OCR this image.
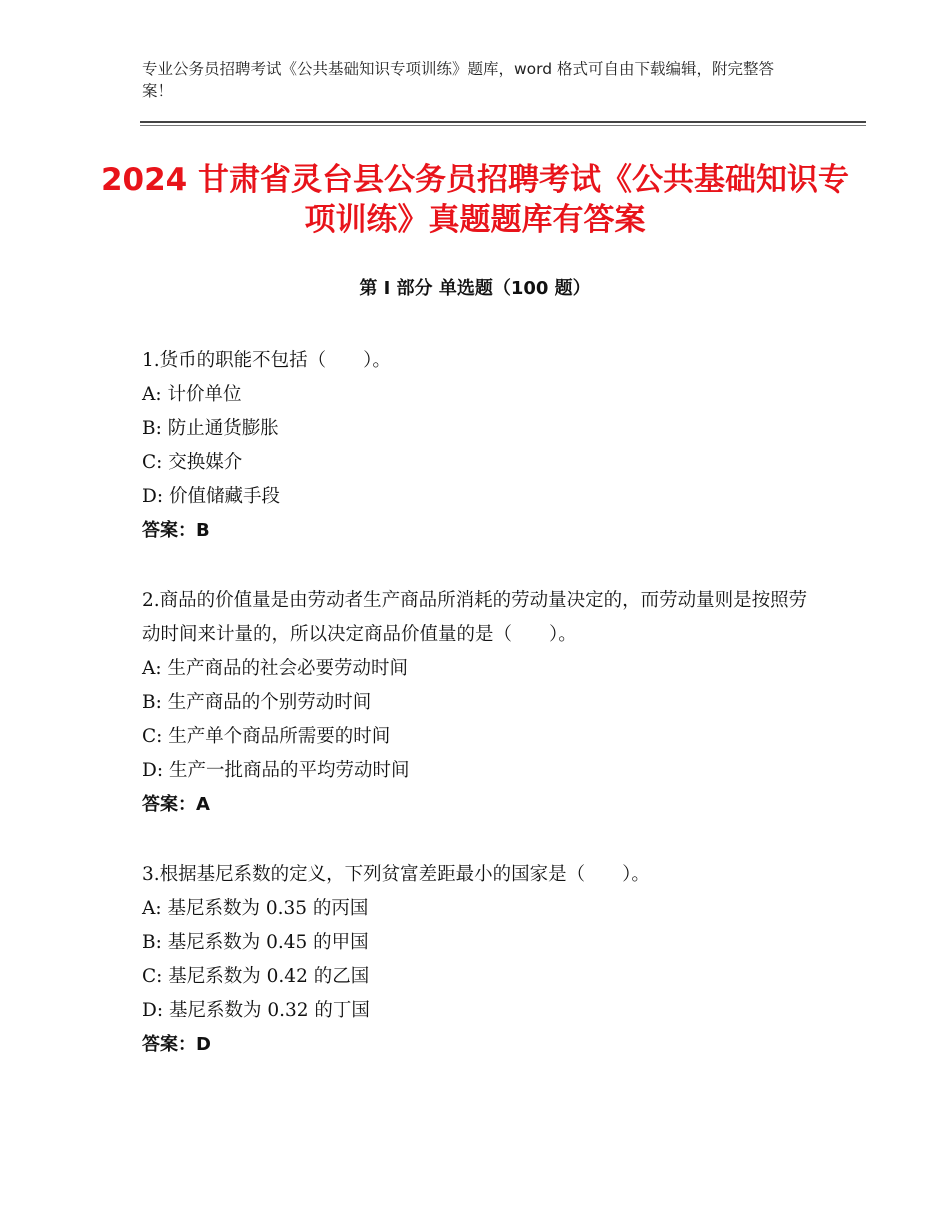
专业公务员招聘考试《公共基础知识专项训练》题库，word 格式可自由下载编辑，附完整答案！
2024 甘肃省灵台县公务员招聘考试《公共基础知识专项训练》真题题库有答案
第 I 部分 单选题（100 题）

1.货币的职能不包括（　　）。

A: 计价单位

B: 防止通货膨胀

C: 交换媒介

D: 价值储藏手段

答案：B

2.商品的价值量是由劳动者生产商品所消耗的劳动量决定的，而劳动量则是按照劳动时间来计量的，所以决定商品价值量的是（　　）。

A: 生产商品的社会必要劳动时间

B: 生产商品的个别劳动时间

C: 生产单个商品所需要的时间

D: 生产一批商品的平均劳动时间

答案：A

3.根据基尼系数的定义，下列贫富差距最小的国家是（　　）。

A: 基尼系数为 0.35 的丙国

B: 基尼系数为 0.45 的甲国

C: 基尼系数为 0.42 的乙国

D: 基尼系数为 0.32 的丁国

答案：D
